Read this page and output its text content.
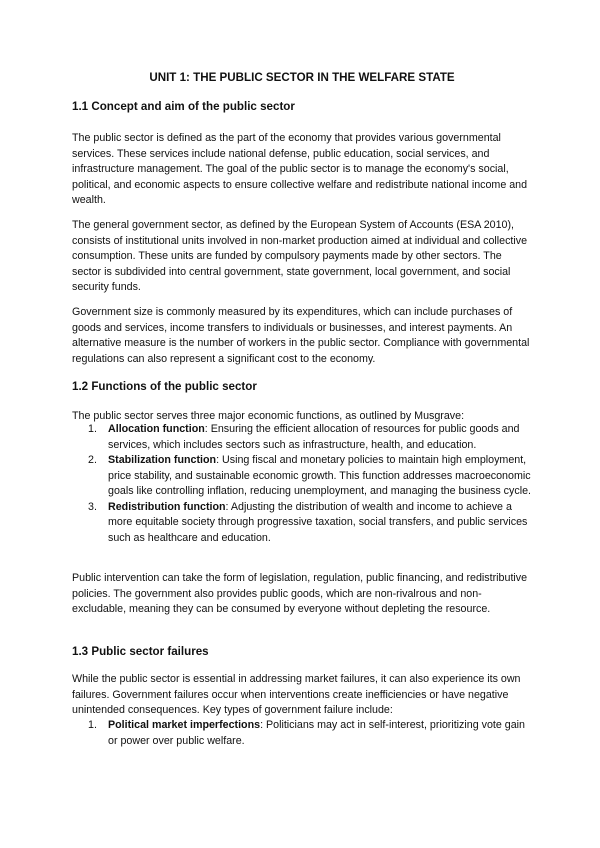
UNIT 1: THE PUBLIC SECTOR IN THE WELFARE STATE
1.1 Concept and aim of the public sector

The public sector is defined as the part of the economy that provides various governmental services. These services include national defense, public education, social services, and infrastructure management. The goal of the public sector is to manage the economy's social, political, and economic aspects to ensure collective welfare and redistribute national income and wealth.

The general government sector, as defined by the European System of Accounts (ESA 2010), consists of institutional units involved in non-market production aimed at individual and collective consumption. These units are funded by compulsory payments made by other sectors. The sector is subdivided into central government, state government, local government, and social security funds.

Government size is commonly measured by its expenditures, which can include purchases of goods and services, income transfers to individuals or businesses, and interest payments. An alternative measure is the number of workers in the public sector. Compliance with governmental regulations can also represent a significant cost to the economy.

1.2 Functions of the public sector

The public sector serves three major economic functions, as outlined by Musgrave:

1. Allocation function: Ensuring the efficient allocation of resources for public goods and services, which includes sectors such as infrastructure, health, and education.
2. Stabilization function: Using fiscal and monetary policies to maintain high employment, price stability, and sustainable economic growth. This function addresses macroeconomic goals like controlling inflation, reducing unemployment, and managing the business cycle.
3. Redistribution function: Adjusting the distribution of wealth and income to achieve a more equitable society through progressive taxation, social transfers, and public services such as healthcare and education.

Public intervention can take the form of legislation, regulation, public financing, and redistributive policies. The government also provides public goods, which are non-rivalrous and non-excludable, meaning they can be consumed by everyone without depleting the resource.

1.3 Public sector failures

While the public sector is essential in addressing market failures, it can also experience its own failures. Government failures occur when interventions create inefficiencies or have negative unintended consequences. Key types of government failure include:

1. Political market imperfections: Politicians may act in self-interest, prioritizing vote gain or power over public welfare.
